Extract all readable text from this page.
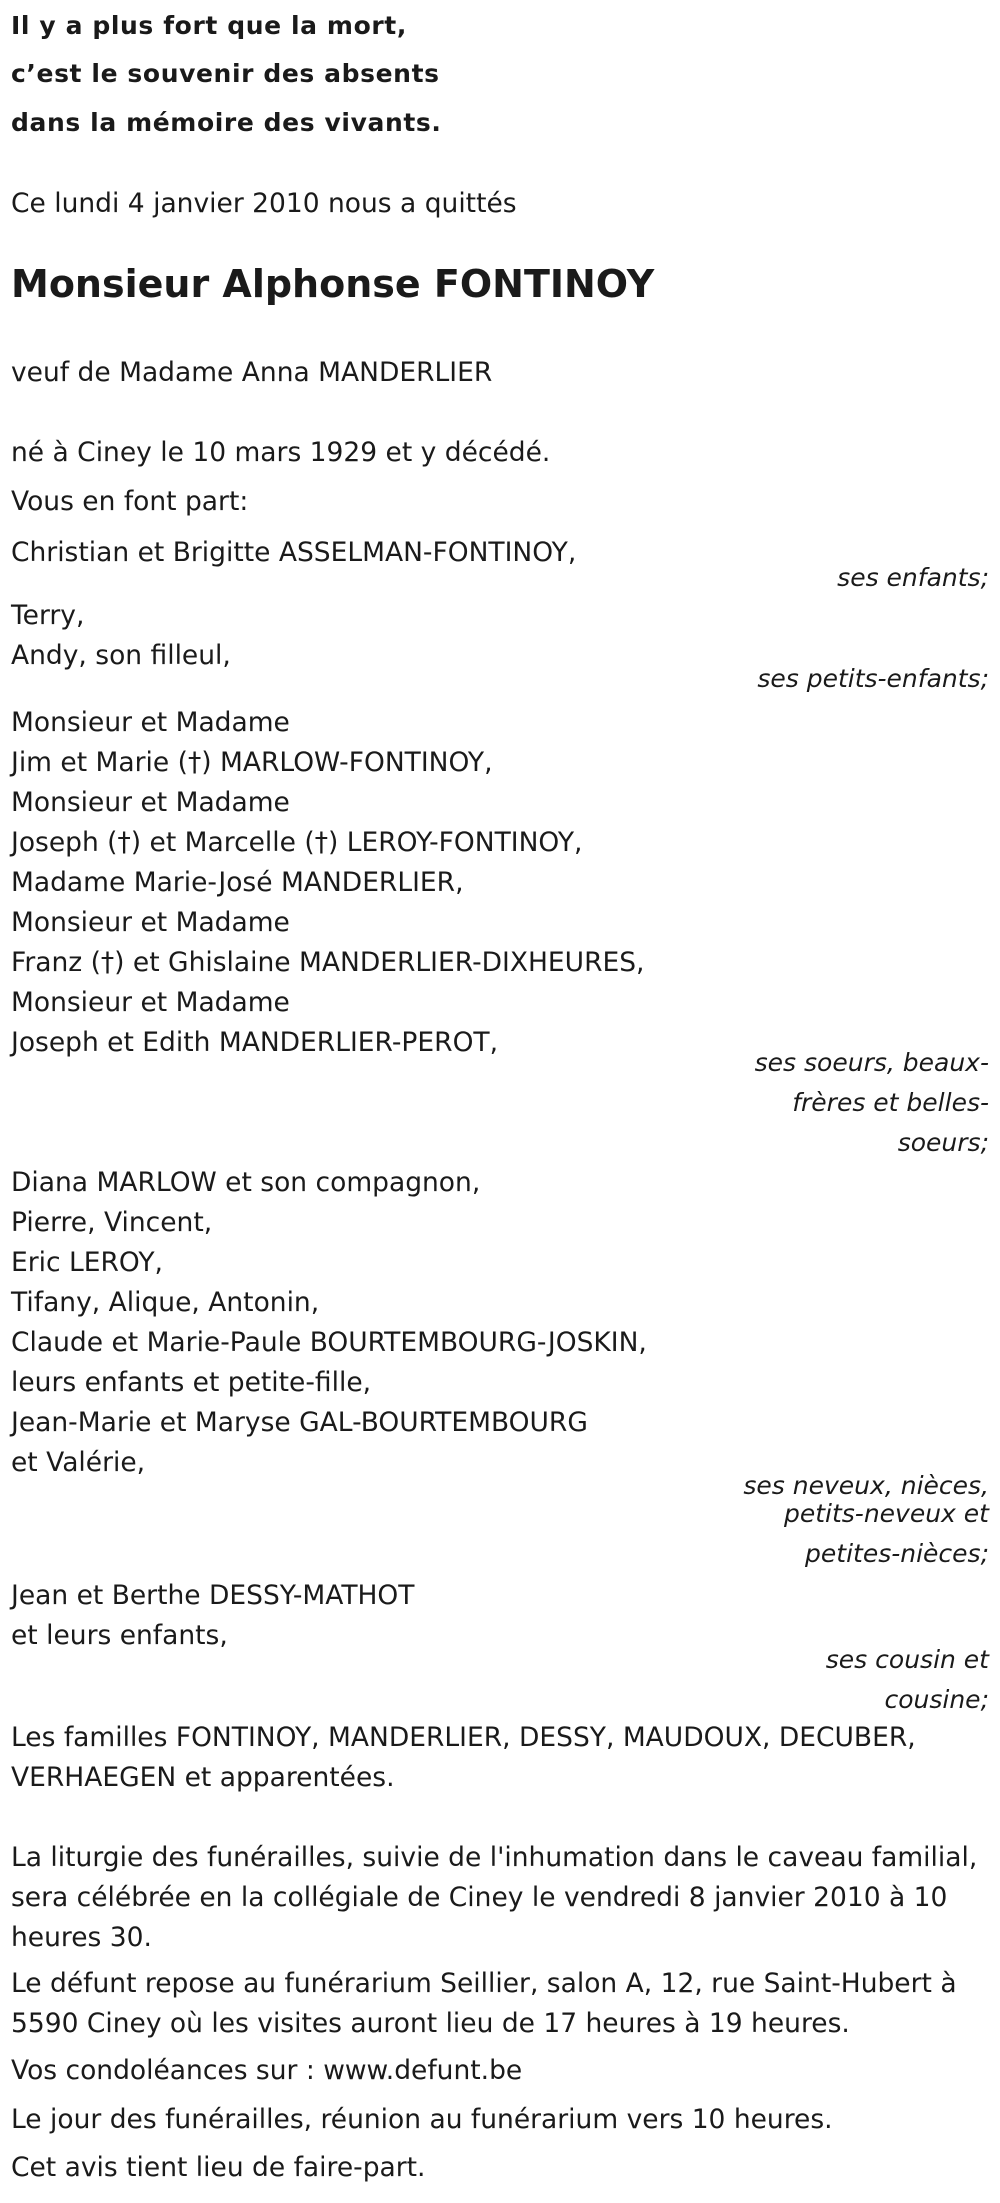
Il y a plus fort que la mort,
c’est le souvenir des absents
dans la mémoire des vivants.
Ce lundi 4 janvier 2010 nous a quittés
Monsieur Alphonse FONTINOY
veuf de Madame Anna MANDERLIER
né à Ciney le 10 mars 1929 et y décédé.
Vous en font part:
Christian et Brigitte ASSELMAN-FONTINOY,
ses enfants;
Terry,
Andy, son filleul,
ses petits-enfants;
Monsieur et Madame
Jim et Marie (†) MARLOW-FONTINOY,
Monsieur et Madame
Joseph (†) et Marcelle (†) LEROY-FONTINOY,
Madame Marie-José MANDERLIER,
Monsieur et Madame
Franz (†) et Ghislaine MANDERLIER-DIXHEURES,
Monsieur et Madame
Joseph et Edith MANDERLIER-PEROT,
ses soeurs, beaux-
frères et belles-
soeurs;
Diana MARLOW et son compagnon,
Pierre, Vincent,
Eric LEROY,
Tifany, Alique, Antonin,
Claude et Marie-Paule BOURTEMBOURG-JOSKIN,
leurs enfants et petite-fille,
Jean-Marie et Maryse GAL-BOURTEMBOURG
et Valérie,
ses neveux, nièces,
petits-neveux et
petites-nièces;
Jean et Berthe DESSY-MATHOT
et leurs enfants,
ses cousin et
cousine;
Les familles FONTINOY, MANDERLIER, DESSY, MAUDOUX, DECUBER,
VERHAEGEN et apparentées.
La liturgie des funérailles, suivie de l'inhumation dans le caveau familial,
sera célébrée en la collégiale de Ciney le vendredi 8 janvier 2010 à 10
heures 30.
Le défunt repose au funérarium Seillier, salon A, 12, rue Saint-Hubert à
5590 Ciney où les visites auront lieu de 17 heures à 19 heures.
Vos condoléances sur : www.defunt.be
Le jour des funérailles, réunion au funérarium vers 10 heures.
Cet avis tient lieu de faire-part.
